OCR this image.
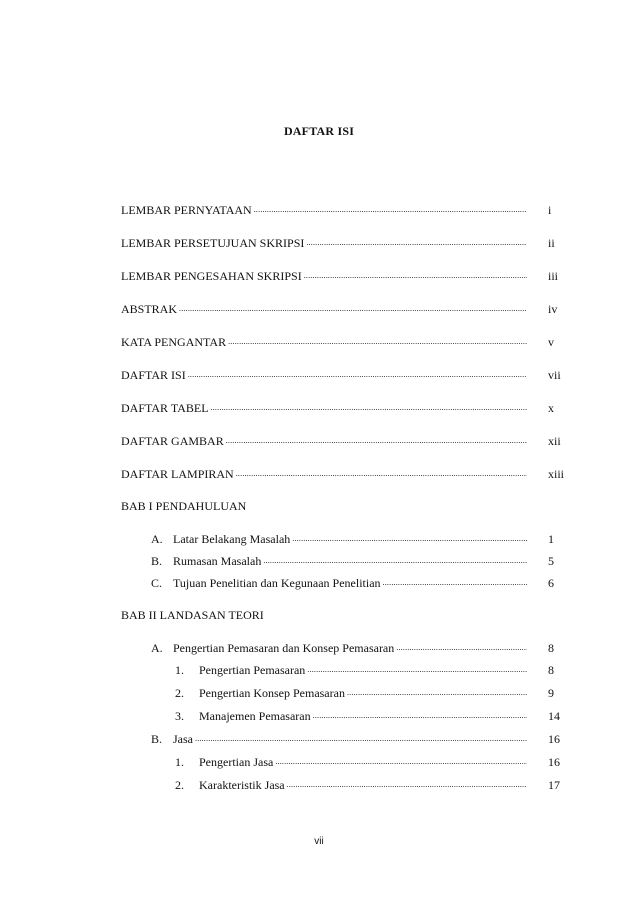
DAFTAR ISI
LEMBAR PERNYATAAN .....	i
LEMBAR PERSETUJUAN SKRIPSI .....	ii
LEMBAR PENGESAHAN SKRIPSI .....	iii
ABSTRAK .....	iv
KATA PENGANTAR .....	v
DAFTAR ISI .....	vii
DAFTAR TABEL .....	x
DAFTAR GAMBAR .....	xii
DAFTAR LAMPIRAN .....	xiii
BAB I PENDAHULUAN
A. Latar Belakang Masalah .....	1
B. Rumasan Masalah .....	5
C. Tujuan Penelitian dan Kegunaan Penelitian .....	6
BAB II LANDASAN TEORI
A. Pengertian Pemasaran dan Konsep Pemasaran .....	8
1. Pengertian Pemasaran .....	8
2. Pengertian Konsep Pemasaran .....	9
3. Manajemen Pemasaran .....	14
B. Jasa .....	16
1. Pengertian Jasa .....	16
2. Karakteristik Jasa .....	17
vii
